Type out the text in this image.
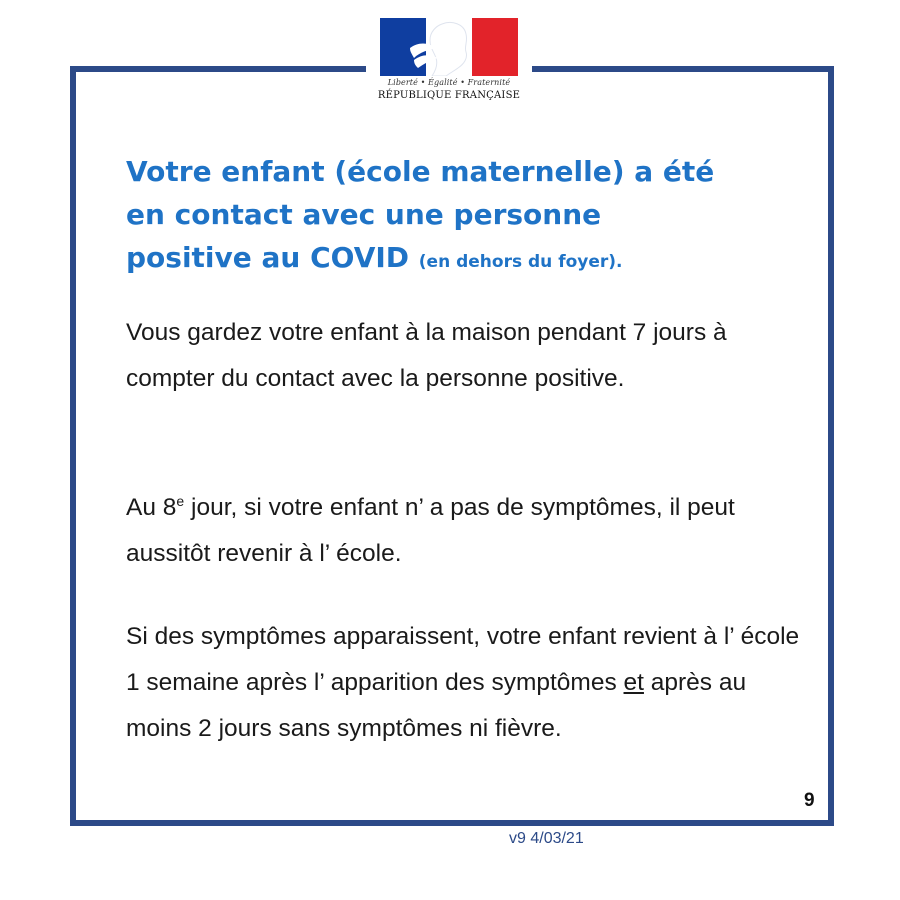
Liberté • Égalité • Fraternité
RÉPUBLIQUE FRANÇAISE
Votre enfant (école maternelle) a été
en contact avec une personne
positive au COVID (en dehors du foyer).
Vous gardez votre enfant à la maison pendant 7 jours à compter du contact avec la personne positive.
Au 8e jour, si votre enfant n’ a pas de symptômes, il peut aussitôt revenir à l’ école.
Si des symptômes apparaissent, votre enfant revient à l’ école 1 semaine après l’ apparition des symptômes et après au moins 2 jours sans symptômes ni fièvre.
9
v9 4/03/21
